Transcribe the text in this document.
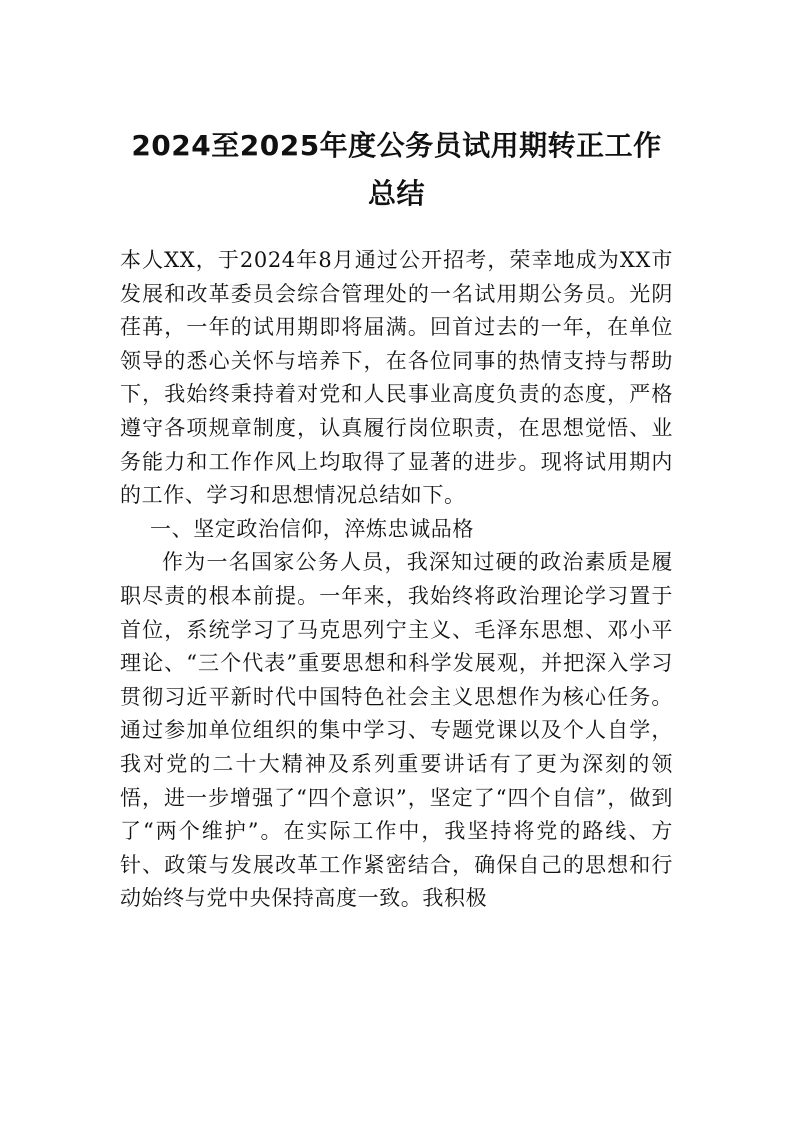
2024至2025年度公务员试用期转正工作总结

本人XX，于2024年8月通过公开招考，荣幸地成为XX市发展和改革委员会综合管理处的一名试用期公务员。光阴荏苒，一年的试用期即将届满。回首过去的一年，在单位领导的悉心关怀与培养下，在各位同事的热情支持与帮助下，我始终秉持着对党和人民事业高度负责的态度，严格遵守各项规章制度，认真履行岗位职责，在思想觉悟、业务能力和工作作风上均取得了显著的进步。现将试用期内的工作、学习和思想情况总结如下。

一、坚定政治信仰，淬炼忠诚品格

作为一名国家公务人员，我深知过硬的政治素质是履职尽责的根本前提。一年来，我始终将政治理论学习置于首位，系统学习了马克思列宁主义、毛泽东思想、邓小平理论、“三个代表”重要思想和科学发展观，并把深入学习贯彻习近平新时代中国特色社会主义思想作为核心任务。通过参加单位组织的集中学习、专题党课以及个人自学，我对党的二十大精神及系列重要讲话有了更为深刻的领悟，进一步增强了“四个意识”，坚定了“四个自信”，做到了“两个维护”。在实际工作中，我坚持将党的路线、方针、政策与发展改革工作紧密结合，确保自己的思想和行动始终与党中央保持高度一致。我积极
